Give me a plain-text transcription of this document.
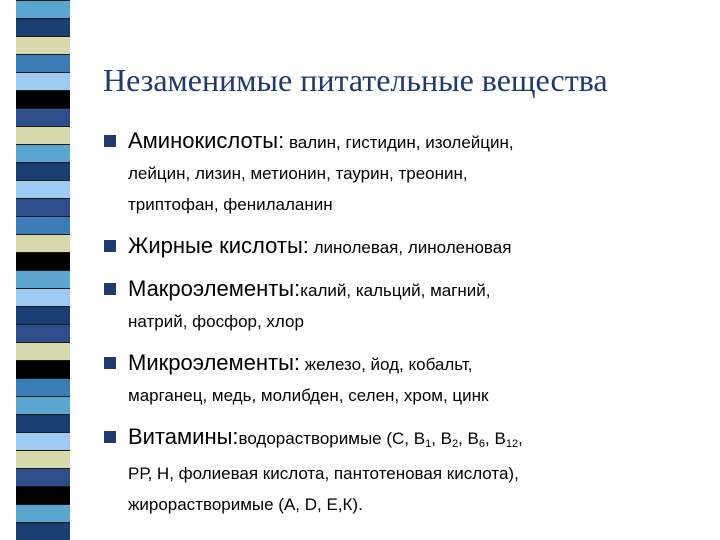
Незаменимые питательные вещества
Аминокислоты: валин, гистидин, изолейцин,
лейцин, лизин, метионин, таурин, треонин,
триптофан, фенилаланин
Жирные кислоты: линолевая, линоленовая
Макроэлементы:калий, кальций, магний,
натрий, фосфор, хлор
Микроэлементы: железо, йод, кобальт,
марганец, медь, молибден, селен, хром, цинк
Витамины:водорастворимые (С, $В_1$, $В_2$, $В_6$, $В_{12}$,
РР, Н, фолиевая кислота, пантотеновая кислота),
жирорастворимые (А, D, Е,К).
